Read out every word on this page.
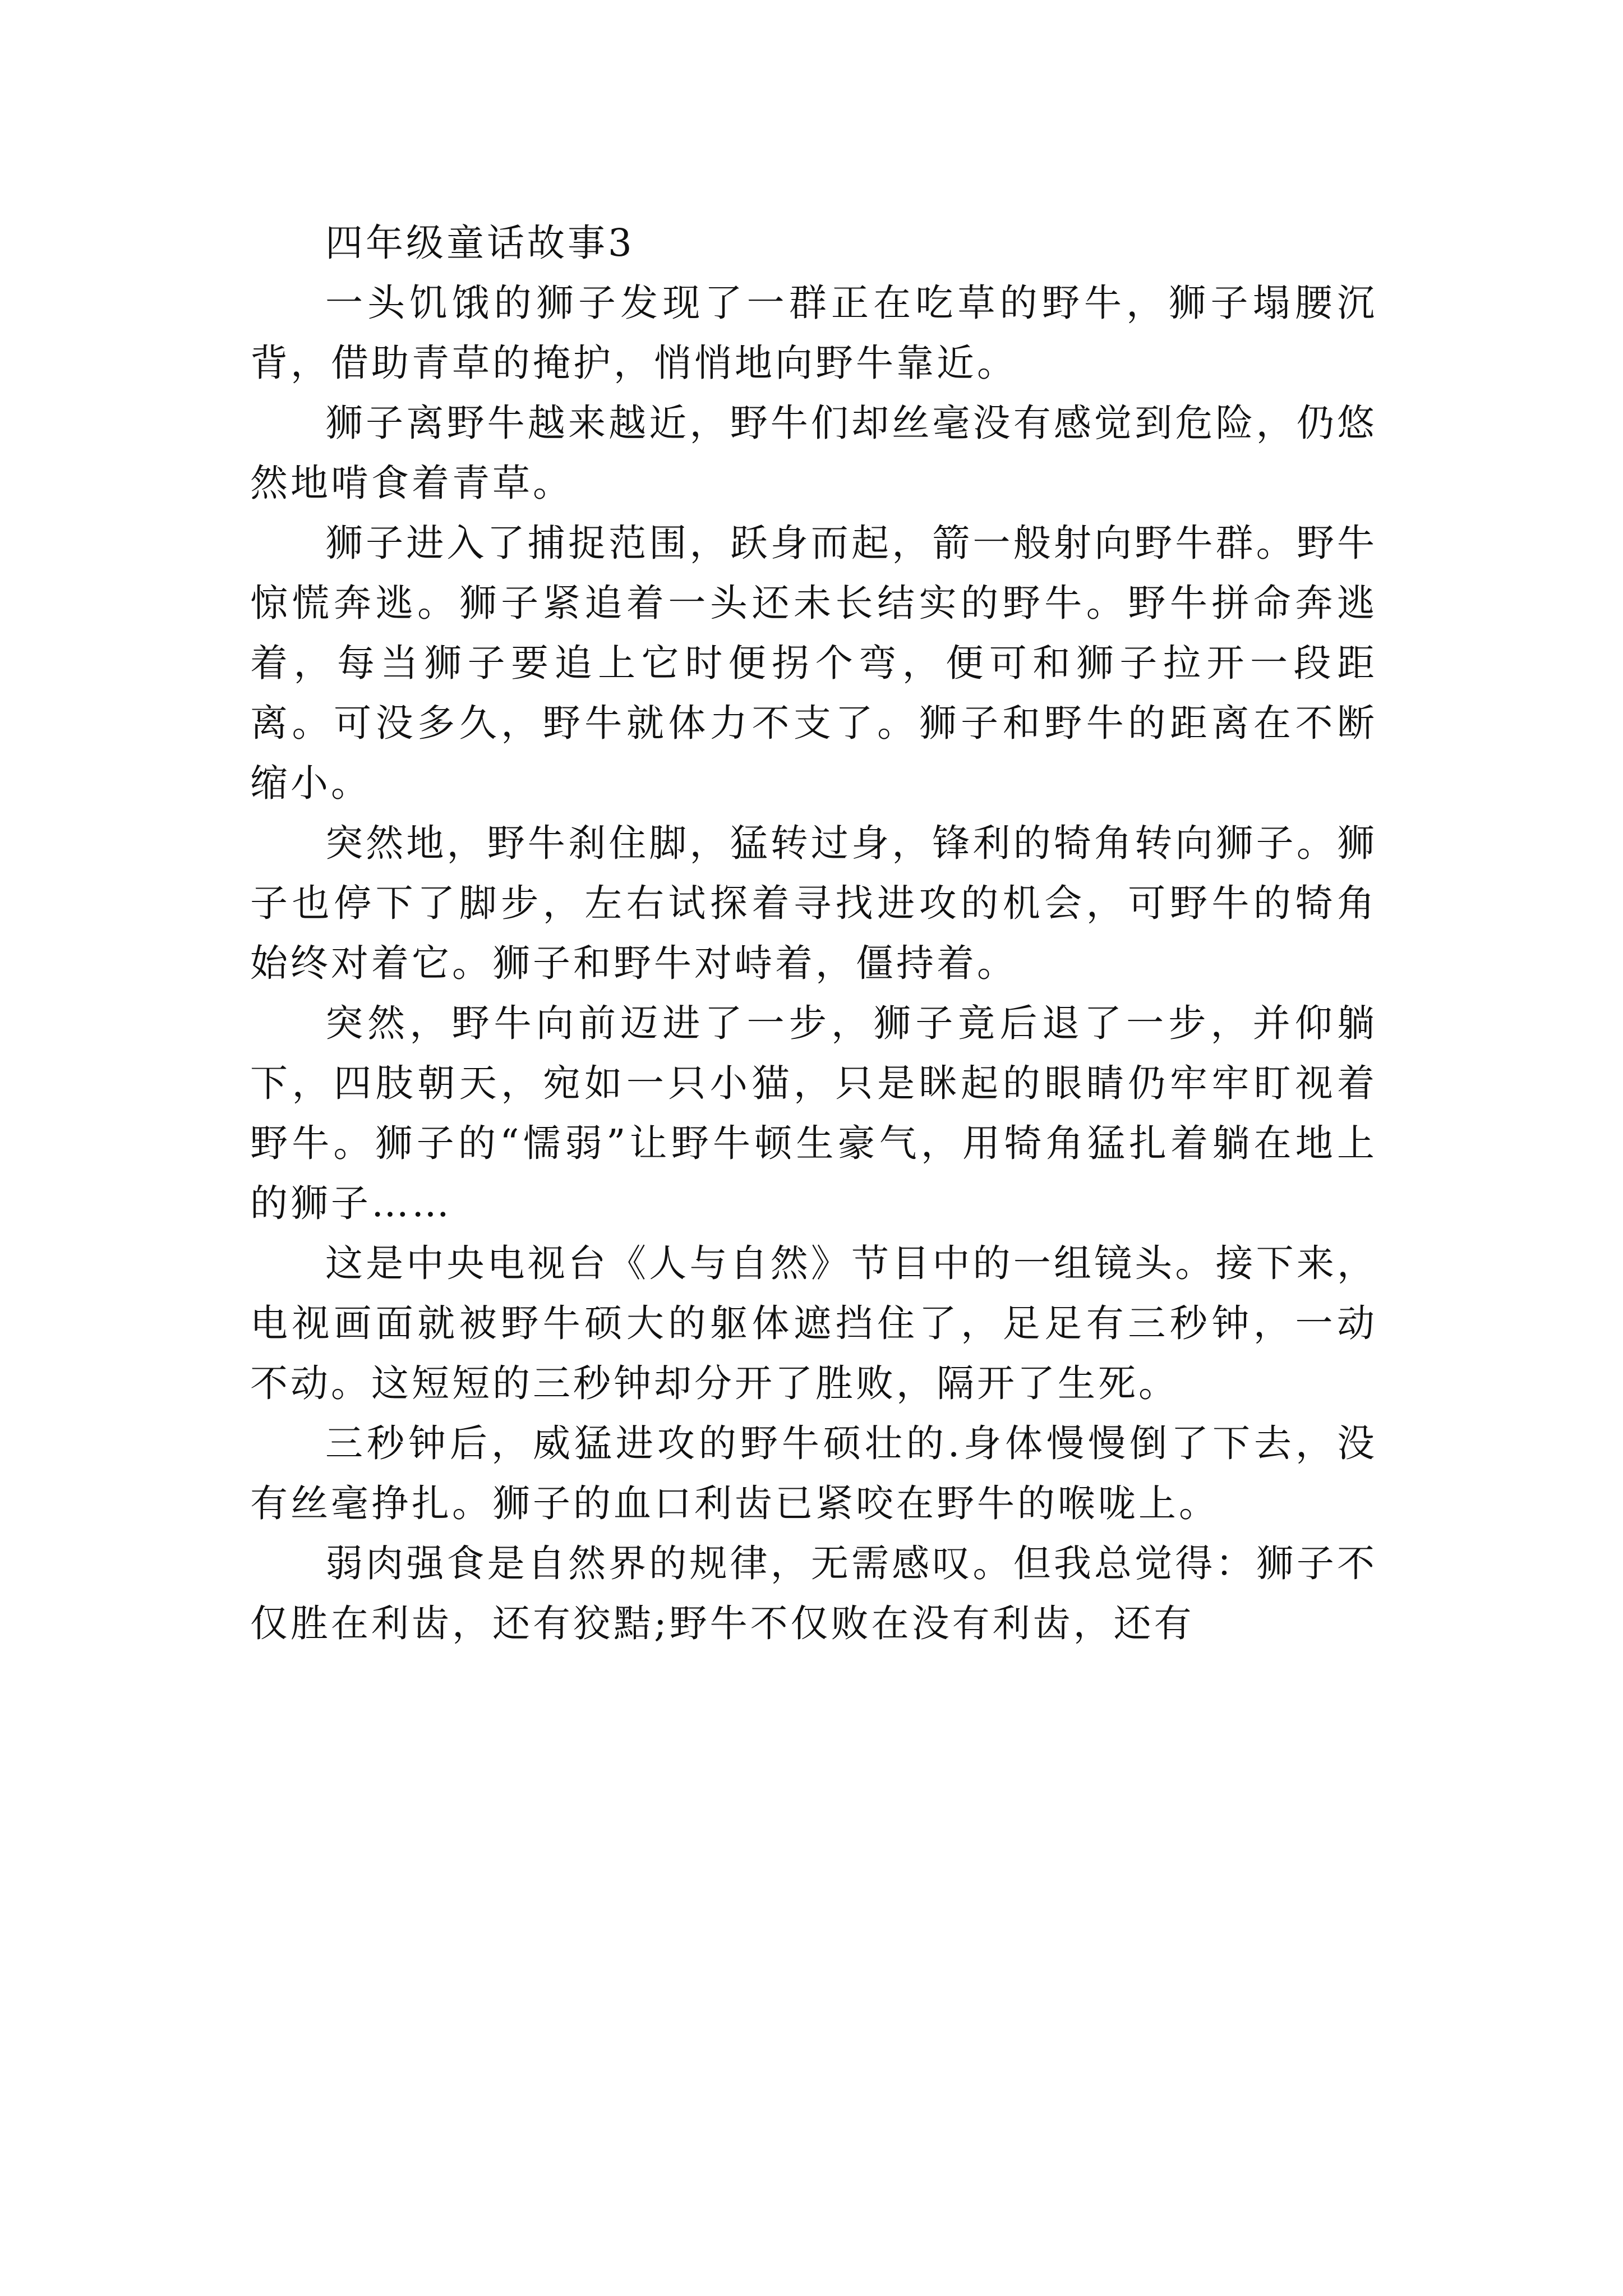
四年级童话故事3

一头饥饿的狮子发现了一群正在吃草的野牛，狮子塌腰沉背，借助青草的掩护，悄悄地向野牛靠近。

狮子离野牛越来越近，野牛们却丝毫没有感觉到危险，仍悠然地啃食着青草。

狮子进入了捕捉范围，跃身而起，箭一般射向野牛群。野牛惊慌奔逃。狮子紧追着一头还未长结实的野牛。野牛拼命奔逃着，每当狮子要追上它时便拐个弯，便可和狮子拉开一段距离。可没多久，野牛就体力不支了。狮子和野牛的距离在不断缩小。

突然地，野牛刹住脚，猛转过身，锋利的犄角转向狮子。狮子也停下了脚步，左右试探着寻找进攻的机会，可野牛的犄角始终对着它。狮子和野牛对峙着，僵持着。

突然，野牛向前迈进了一步，狮子竟后退了一步，并仰躺下，四肢朝天，宛如一只小猫，只是眯起的眼睛仍牢牢盯视着野牛。狮子的“懦弱”让野牛顿生豪气，用犄角猛扎着躺在地上的狮子……

这是中央电视台《人与自然》节目中的一组镜头。接下来，电视画面就被野牛硕大的躯体遮挡住了，足足有三秒钟，一动不动。这短短的三秒钟却分开了胜败，隔开了生死。

三秒钟后，威猛进攻的野牛硕壮的.身体慢慢倒了下去，没有丝毫挣扎。狮子的血口利齿已紧咬在野牛的喉咙上。

弱肉强食是自然界的规律，无需感叹。但我总觉得：狮子不仅胜在利齿，还有狡黠;野牛不仅败在没有利齿，还有
